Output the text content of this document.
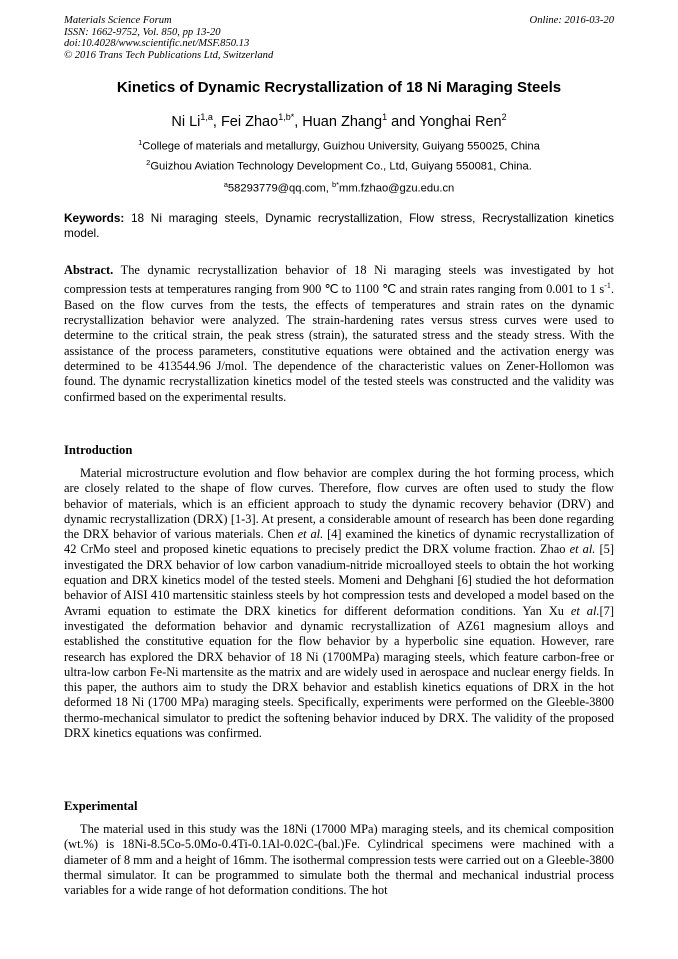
Materials Science Forum
ISSN: 1662-9752, Vol. 850, pp 13-20
doi:10.4028/www.scientific.net/MSF.850.13
© 2016 Trans Tech Publications Ltd, Switzerland
Online: 2016-03-20
Kinetics of Dynamic Recrystallization of 18 Ni Maraging Steels
Ni Li$^{1,a}$, Fei Zhao$^{1,b*}$, Huan Zhang$^1$ and Yonghai Ren$^2$
$^1$College of materials and metallurgy, Guizhou University, Guiyang 550025, China
$^2$Guizhou Aviation Technology Development Co., Ltd, Guiyang 550081, China.
$^a$58293779@qq.com, $^{b*}$mm.fzhao@gzu.edu.cn
Keywords: 18 Ni maraging steels, Dynamic recrystallization, Flow stress, Recrystallization kinetics model.
Abstract. The dynamic recrystallization behavior of 18 Ni maraging steels was investigated by hot compression tests at temperatures ranging from 900 ℃ to 1100 ℃ and strain rates ranging from 0.001 to 1 $s^{-1}$. Based on the flow curves from the tests, the effects of temperatures and strain rates on the dynamic recrystallization behavior were analyzed. The strain-hardening rates versus stress curves were used to determine to the critical strain, the peak stress (strain), the saturated stress and the steady stress. With the assistance of the process parameters, constitutive equations were obtained and the activation energy was determined to be 413544.96 J/mol. The dependence of the characteristic values on Zener-Hollomon was found. The dynamic recrystallization kinetics model of the tested steels was constructed and the validity was confirmed based on the experimental results.
Introduction
Material microstructure evolution and flow behavior are complex during the hot forming process, which are closely related to the shape of flow curves. Therefore, flow curves are often used to study the flow behavior of materials, which is an efficient approach to study the dynamic recovery behavior (DRV) and dynamic recrystallization (DRX) [1-3]. At present, a considerable amount of research has been done regarding the DRX behavior of various materials. Chen et al. [4] examined the kinetics of dynamic recrystallization of 42 CrMo steel and proposed kinetic equations to precisely predict the DRX volume fraction. Zhao et al. [5] investigated the DRX behavior of low carbon vanadium-nitride microalloyed steels to obtain the hot working equation and DRX kinetics model of the tested steels. Momeni and Dehghani [6] studied the hot deformation behavior of AISI 410 martensitic stainless steels by hot compression tests and developed a model based on the Avrami equation to estimate the DRX kinetics for different deformation conditions. Yan Xu et al.[7] investigated the deformation behavior and dynamic recrystallization of AZ61 magnesium alloys and established the constitutive equation for the flow behavior by a hyperbolic sine equation. However, rare research has explored the DRX behavior of 18 Ni (1700MPa) maraging steels, which feature carbon-free or ultra-low carbon Fe-Ni martensite as the matrix and are widely used in aerospace and nuclear energy fields. In this paper, the authors aim to study the DRX behavior and establish kinetics equations of DRX in the hot deformed 18 Ni (1700 MPa) maraging steels. Specifically, experiments were performed on the Gleeble-3800 thermo-mechanical simulator to predict the softening behavior induced by DRX. The validity of the proposed DRX kinetics equations was confirmed.
Experimental
The material used in this study was the 18Ni (17000 MPa) maraging steels, and its chemical composition (wt.%) is 18Ni-8.5Co-5.0Mo-0.4Ti-0.1Al-0.02C-(bal.)Fe. Cylindrical specimens were machined with a diameter of 8 mm and a height of 16mm. The isothermal compression tests were carried out on a Gleeble-3800 thermal simulator. It can be programmed to simulate both the thermal and mechanical industrial process variables for a wide range of hot deformation conditions. The hot
